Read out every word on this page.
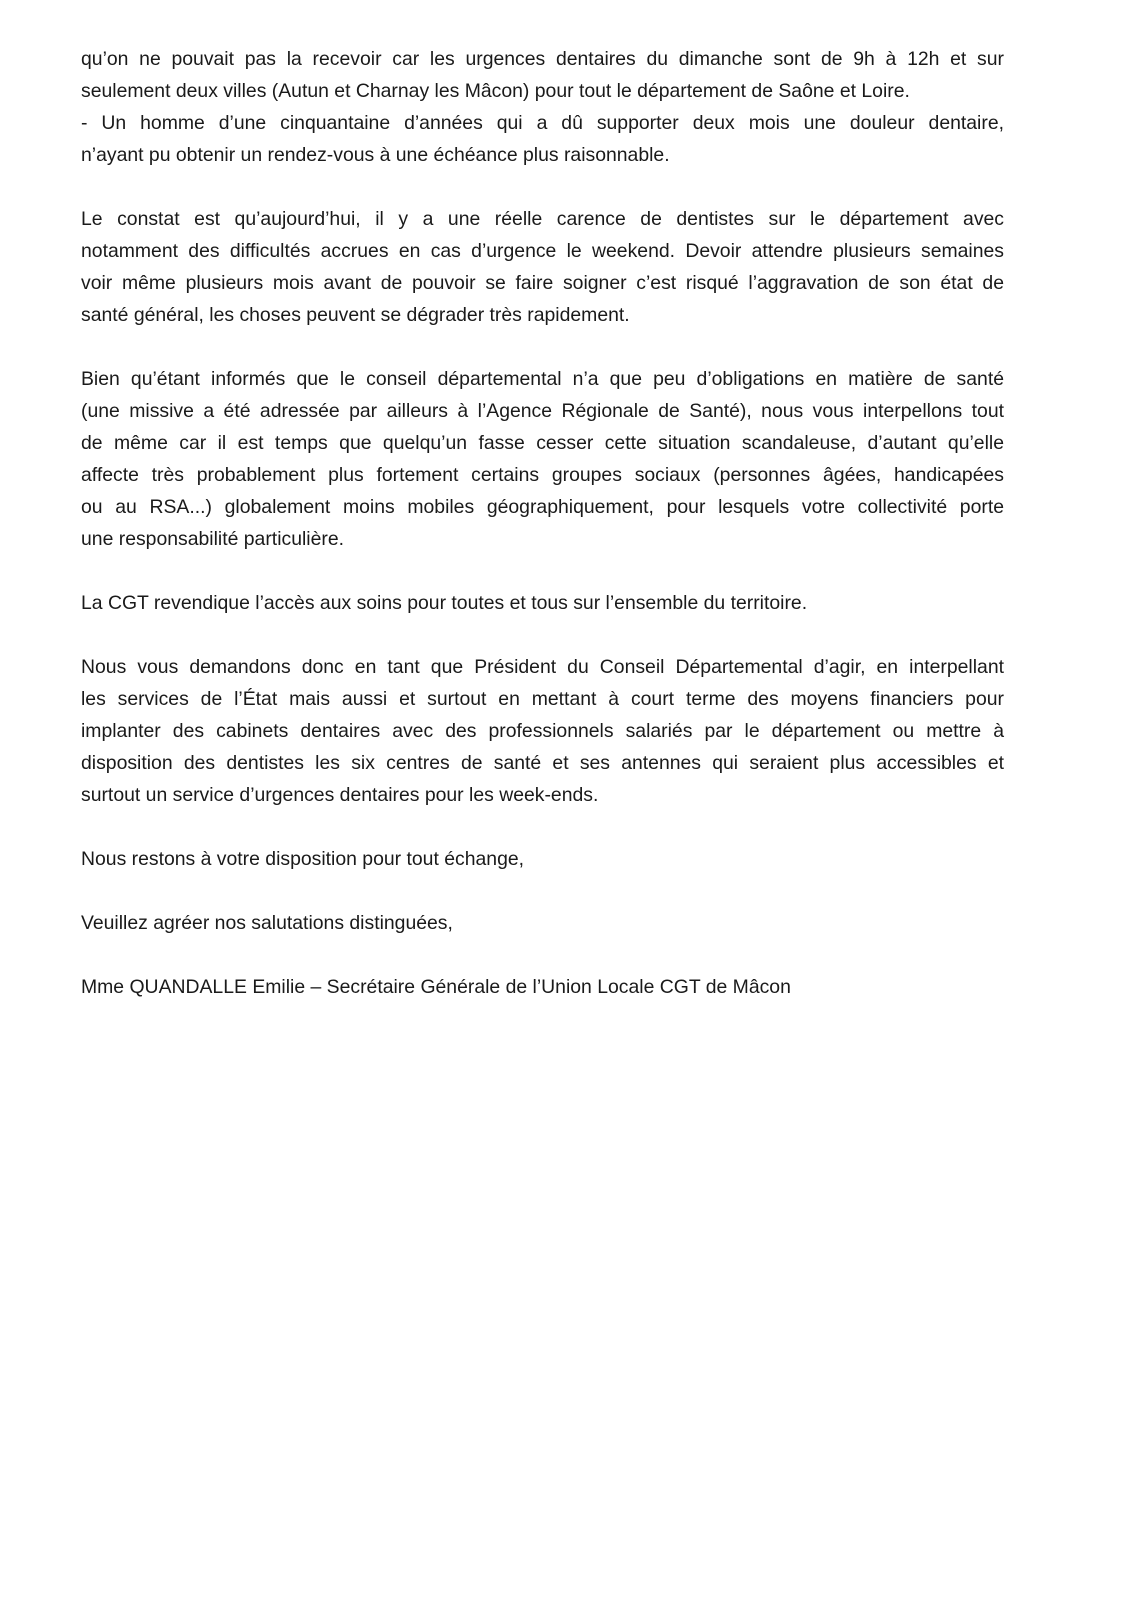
qu’on ne pouvait pas la recevoir car les urgences dentaires du dimanche sont de 9h à 12h et sur
seulement deux villes (Autun et Charnay les Mâcon) pour tout le département de Saône et Loire.
- Un homme d’une cinquantaine d’années qui a dû supporter deux mois une douleur dentaire,
n’ayant pu obtenir un rendez-vous à une échéance plus raisonnable.
Le constat est qu’aujourd’hui, il y a une réelle carence de dentistes sur le département avec
notamment des difficultés accrues en cas d’urgence le weekend. Devoir attendre plusieurs semaines
voir même plusieurs mois avant de pouvoir se faire soigner c’est risqué l’aggravation de son état de
santé général, les choses peuvent se dégrader très rapidement.
Bien qu’étant informés que le conseil départemental n’a que peu d’obligations en matière de santé
(une missive a été adressée par ailleurs à l’Agence Régionale de Santé), nous vous interpellons tout
de même car il est temps que quelqu’un fasse cesser cette situation scandaleuse, d’autant qu’elle
affecte très probablement plus fortement certains groupes sociaux (personnes âgées, handicapées
ou au RSA...) globalement moins mobiles géographiquement, pour lesquels votre collectivité porte
une responsabilité particulière.
La CGT revendique l’accès aux soins pour toutes et tous sur l’ensemble du territoire.
Nous vous demandons donc en tant que Président du Conseil Départemental d’agir, en interpellant
les services de l’État mais aussi et surtout en mettant à court terme des moyens financiers pour
implanter des cabinets dentaires avec des professionnels salariés par le département ou mettre à
disposition des dentistes les six centres de santé et ses antennes qui seraient plus accessibles et
surtout un service d’urgences dentaires pour les week-ends.
Nous restons à votre disposition pour tout échange,
Veuillez agréer nos salutations distinguées,
Mme QUANDALLE Emilie – Secrétaire Générale de l’Union Locale CGT de Mâcon
